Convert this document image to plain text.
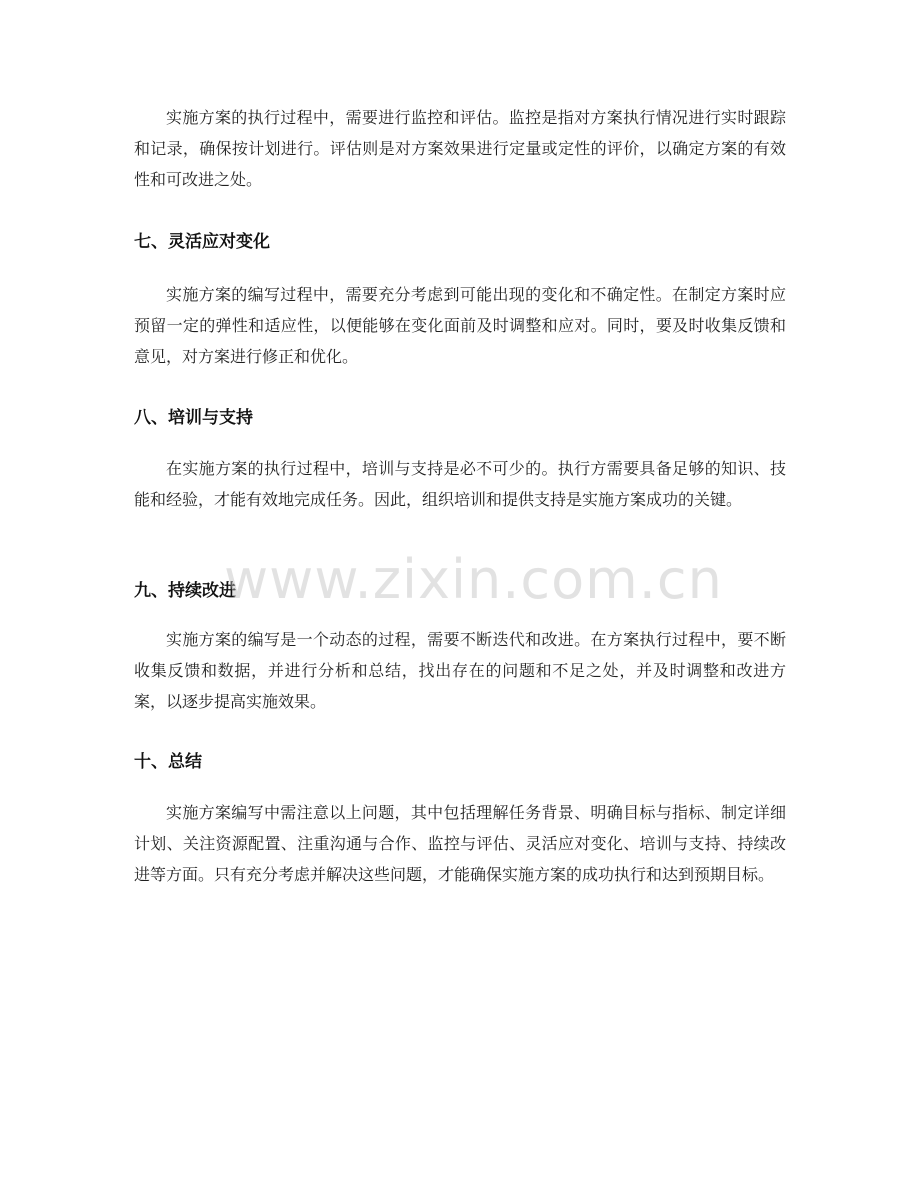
实施方案的执行过程中，需要进行监控和评估。监控是指对方案执行情况进行实时跟踪和记录，确保按计划进行。评估则是对方案效果进行定量或定性的评价，以确定方案的有效性和可改进之处。

七、灵活应对变化

实施方案的编写过程中，需要充分考虑到可能出现的变化和不确定性。在制定方案时应预留一定的弹性和适应性，以便能够在变化面前及时调整和应对。同时，要及时收集反馈和意见，对方案进行修正和优化。

八、培训与支持

在实施方案的执行过程中，培训与支持是必不可少的。执行方需要具备足够的知识、技能和经验，才能有效地完成任务。因此，组织培训和提供支持是实施方案成功的关键。

九、持续改进

实施方案的编写是一个动态的过程，需要不断迭代和改进。在方案执行过程中，要不断收集反馈和数据，并进行分析和总结，找出存在的问题和不足之处，并及时调整和改进方案，以逐步提高实施效果。

十、总结

实施方案编写中需注意以上问题，其中包括理解任务背景、明确目标与指标、制定详细计划、关注资源配置、注重沟通与合作、监控与评估、灵活应对变化、培训与支持、持续改进等方面。只有充分考虑并解决这些问题，才能确保实施方案的成功执行和达到预期目标。

www.zixin.com.cn
